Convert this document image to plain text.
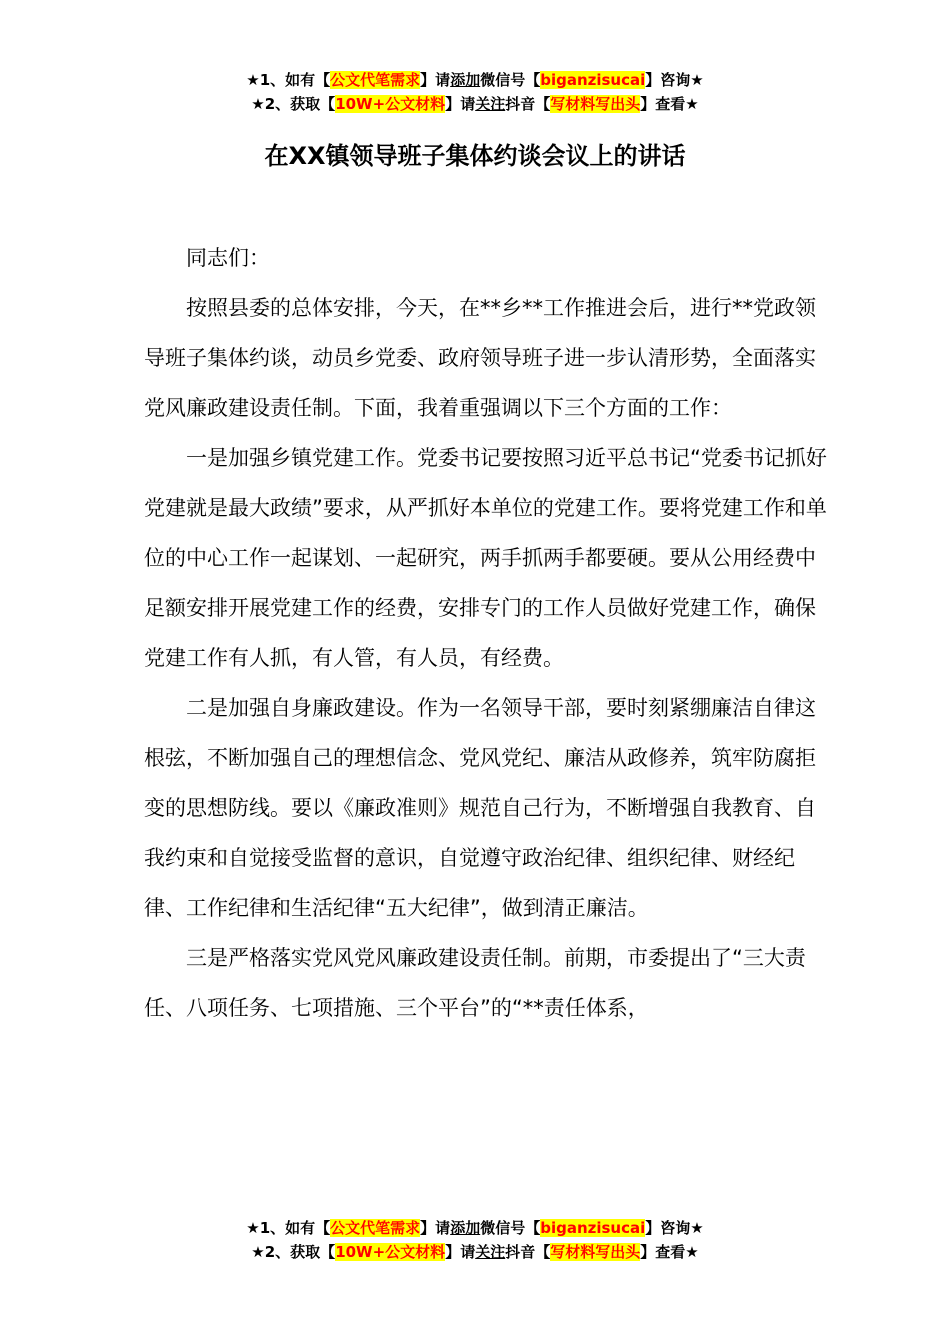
★1、如有【公文代笔需求】请添加微信号【biganzisucai】咨询★
★2、获取【10W+公文材料】请关注抖音【写材料写出头】查看★
在XX镇领导班子集体约谈会议上的讲话

同志们：

按照县委的总体安排，今天，在**乡**工作推进会后，进行**党政领导班子集体约谈，动员乡党委、政府领导班子进一步认清形势，全面落实党风廉政建设责任制。下面，我着重强调以下三个方面的工作：

一是加强乡镇党建工作。党委书记要按照习近平总书记“党委书记抓好党建就是最大政绩”要求，从严抓好本单位的党建工作。要将党建工作和单位的中心工作一起谋划、一起研究，两手抓两手都要硬。要从公用经费中足额安排开展党建工作的经费，安排专门的工作人员做好党建工作，确保党建工作有人抓，有人管，有人员，有经费。

二是加强自身廉政建设。作为一名领导干部，要时刻紧绷廉洁自律这根弦，不断加强自己的理想信念、党风党纪、廉洁从政修养，筑牢防腐拒变的思想防线。要以《廉政准则》规范自己行为，不断增强自我教育、自我约束和自觉接受监督的意识，自觉遵守政治纪律、组织纪律、财经纪律、工作纪律和生活纪律“五大纪律”，做到清正廉洁。

三是严格落实党风党风廉政建设责任制。前期，市委提出了“三大责任、八项任务、七项措施、三个平台”的“**责任体系，

★1、如有【公文代笔需求】请添加微信号【biganzisucai】咨询★
★2、获取【10W+公文材料】请关注抖音【写材料写出头】查看★
